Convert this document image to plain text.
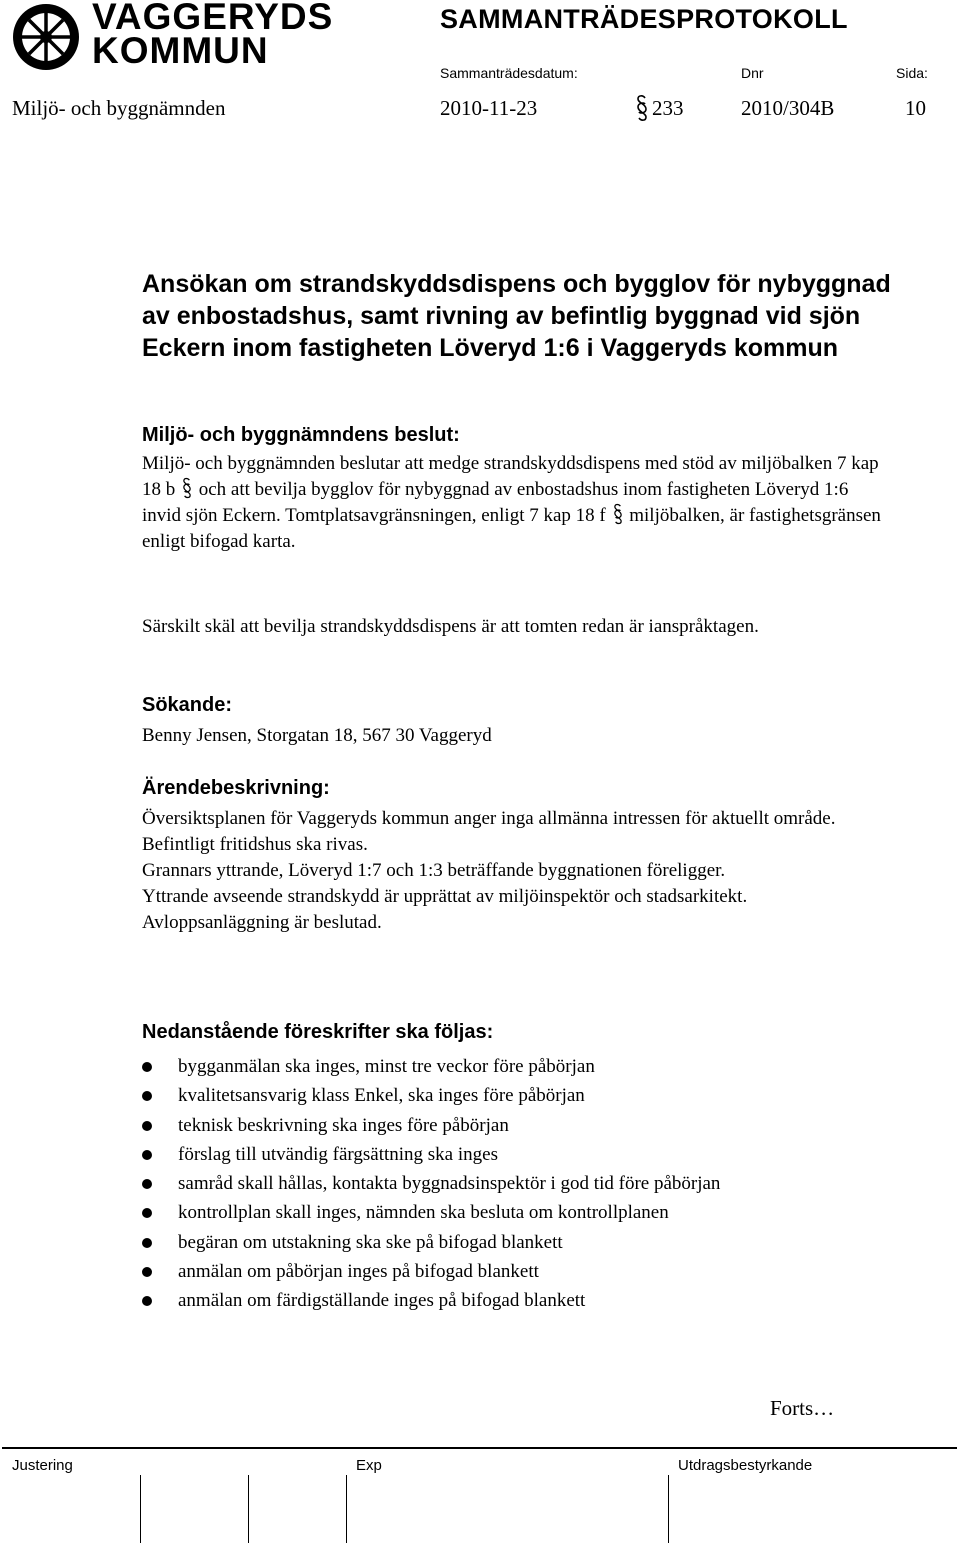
VAGGERYDS
KOMMUN
SAMMANTRÄDESPROTOKOLL
Sammanträdesdatum:	Dnr	Sida:
Miljö- och byggnämnden	2010-11-23	233	2010/304B	10
Ansökan om strandskyddsdispens och bygglov för nybyggnad av enbostadshus, samt rivning av befintlig byggnad vid sjön Eckern inom fastigheten Löveryd 1:6 i Vaggeryds kommun
Miljö- och byggnämndens beslut:

Miljö- och byggnämnden beslutar att medge strandskyddsdispens med stöd av miljöbalken 7 kap 18 b och att bevilja bygglov för nybyggnad av enbostadshus inom fastigheten Löveryd 1:6 invid sjön Eckern. Tomtplatsavgränsningen, enligt 7 kap 18 f miljöbalken, är fastighetsgränsen enligt bifogad karta.

Särskilt skäl att bevilja strandskyddsdispens är att tomten redan är ianspråktagen.

Sökande:
Benny Jensen, Storgatan 18, 567 30 Vaggeryd
Ärendebeskrivning:

Översiktsplanen för Vaggeryds kommun anger inga allmänna intressen för aktuellt område. Befintligt fritidshus ska rivas.

Grannars yttrande, Löveryd 1:7 och 1:3 beträffande byggnationen föreligger.

Yttrande avseende strandskydd är upprättat av miljöinspektör och stadsarkitekt.

Avloppsanläggning är beslutad.

Nedanstående föreskrifter ska följas:
bygganmälan ska inges, minst tre veckor före påbörjan
kvalitetsansvarig klass Enkel, ska inges före påbörjan
teknisk beskrivning ska inges före påbörjan
förslag till utvändig färgsättning ska inges
samråd skall hållas, kontakta byggnadsinspektör i god tid före påbörjan
kontrollplan skall inges, nämnden ska besluta om kontrollplanen
begäran om utstakning ska ske på bifogad blankett
anmälan om påbörjan inges på bifogad blankett
anmälan om färdigställande inges på bifogad blankett
Forts…
Justering	Exp	Utdragsbestyrkande
